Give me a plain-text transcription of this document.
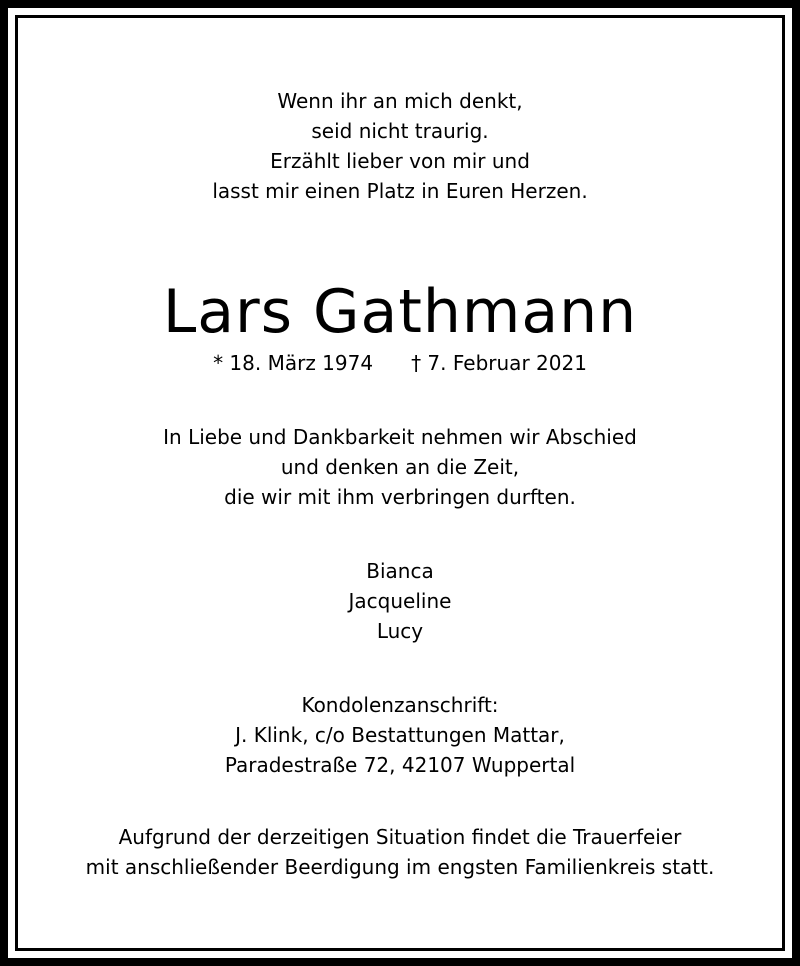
Wenn ihr an mich denkt,
seid nicht traurig.
Erzählt lieber von mir und
lasst mir einen Platz in Euren Herzen.
Lars Gathmann
* 18. März 1974 † 7. Februar 2021
In Liebe und Dankbarkeit nehmen wir Abschied
und denken an die Zeit,
die wir mit ihm verbringen durften.
Bianca
Jacqueline
Lucy
Kondolenzanschrift:
J. Klink, c/o Bestattungen Mattar,
Paradestraße 72, 42107 Wuppertal
Aufgrund der derzeitigen Situation findet die Trauerfeier
mit anschließender Beerdigung im engsten Familienkreis statt.
